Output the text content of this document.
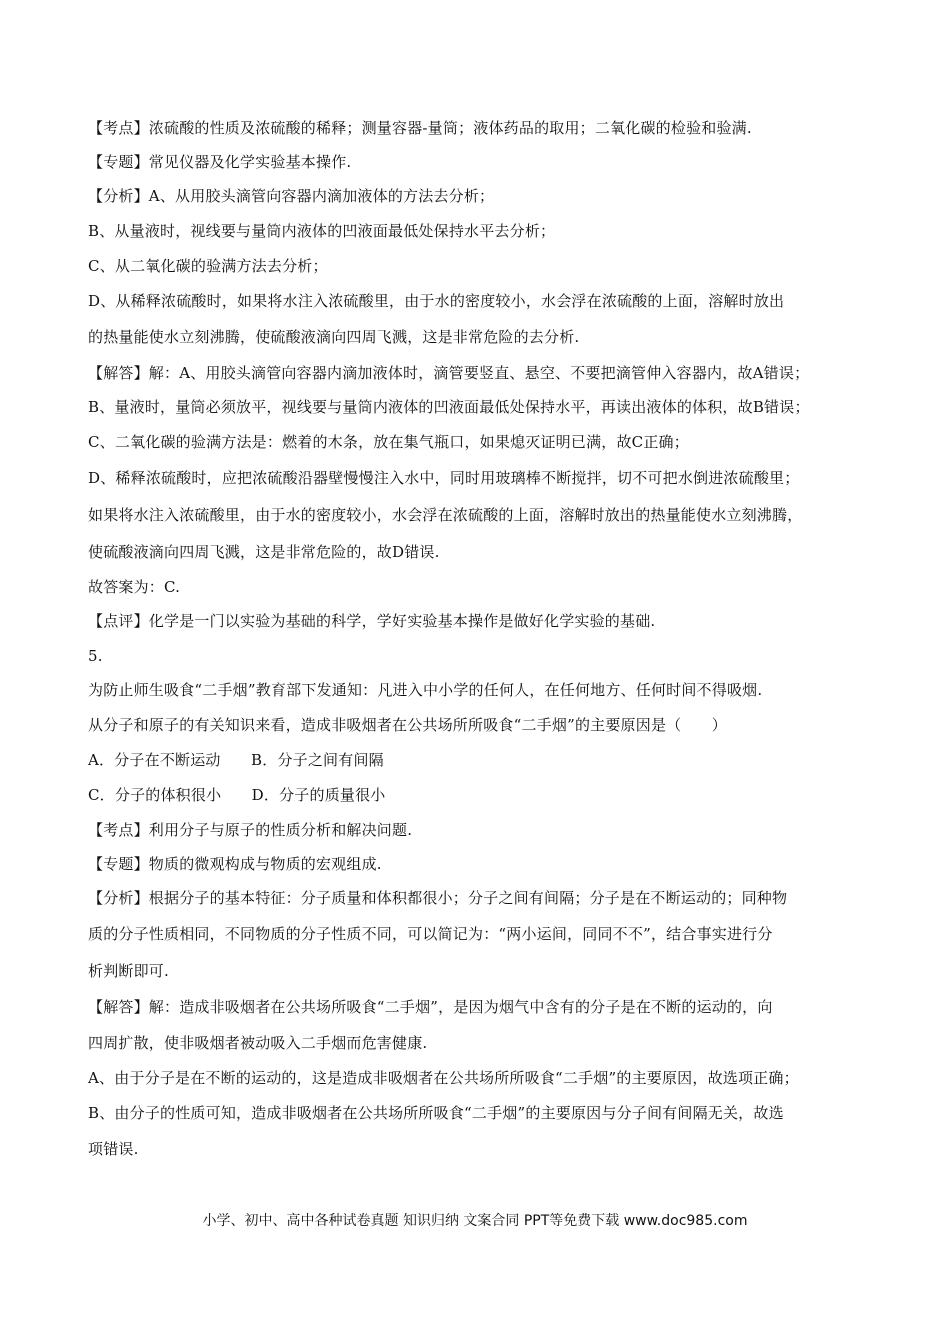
【考点】浓硫酸的性质及浓硫酸的稀释；测量容器-量筒；液体药品的取用；二氧化碳的检验和验满.
【专题】常见仪器及化学实验基本操作.
【分析】A、从用胶头滴管向容器内滴加液体的方法去分析；
B、从量液时，视线要与量筒内液体的凹液面最低处保持水平去分析；
C、从二氧化碳的验满方法去分析；
D、从稀释浓硫酸时，如果将水注入浓硫酸里，由于水的密度较小，水会浮在浓硫酸的上面，溶解时放出
的热量能使水立刻沸腾，使硫酸液滴向四周飞溅，这是非常危险的去分析.
【解答】解：A、用胶头滴管向容器内滴加液体时，滴管要竖直、悬空、不要把滴管伸入容器内，故A错误；
B、量液时，量筒必须放平，视线要与量筒内液体的凹液面最低处保持水平，再读出液体的体积，故B错误；
C、二氧化碳的验满方法是：燃着的木条，放在集气瓶口，如果熄灭证明已满，故C正确；
D、稀释浓硫酸时，应把浓硫酸沿器壁慢慢注入水中，同时用玻璃棒不断搅拌，切不可把水倒进浓硫酸里；
如果将水注入浓硫酸里，由于水的密度较小，水会浮在浓硫酸的上面，溶解时放出的热量能使水立刻沸腾，
使硫酸液滴向四周飞溅，这是非常危险的，故D错误.
故答案为：C.
【点评】化学是一门以实验为基础的科学，学好实验基本操作是做好化学实验的基础.
5.
为防止师生吸食“二手烟”教育部下发通知：凡进入中小学的任何人，在任何地方、任何时间不得吸烟.
从分子和原子的有关知识来看，造成非吸烟者在公共场所所吸食“二手烟”的主要原因是（　　）
A．分子在不断运动　　B．分子之间有间隔
C．分子的体积很小　　D．分子的质量很小
【考点】利用分子与原子的性质分析和解决问题.
【专题】物质的微观构成与物质的宏观组成.
【分析】根据分子的基本特征：分子质量和体积都很小；分子之间有间隔；分子是在不断运动的；同种物
质的分子性质相同，不同物质的分子性质不同，可以简记为：“两小运间，同同不不”，结合事实进行分
析判断即可.
【解答】解：造成非吸烟者在公共场所吸食“二手烟”，是因为烟气中含有的分子是在不断的运动的，向
四周扩散，使非吸烟者被动吸入二手烟而危害健康.
A、由于分子是在不断的运动的，这是造成非吸烟者在公共场所所吸食“二手烟”的主要原因，故选项正确；
B、由分子的性质可知，造成非吸烟者在公共场所所吸食“二手烟”的主要原因与分子间有间隔无关，故选
项错误.
小学、初中、高中各种试卷真题 知识归纳 文案合同 PPT等免费下载 www.doc985.com
